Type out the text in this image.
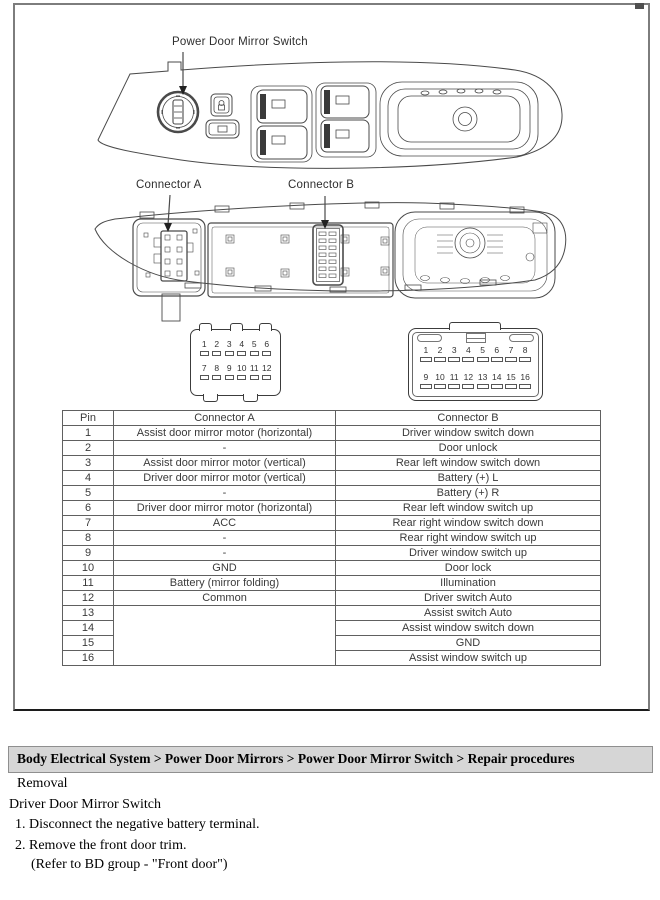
Power Door Mirror Switch
Connector A	Connector B
1 2 3 4 5 6
7 8 9 10 11 12
1 2 3 4 5 6 7 8
9 10 11 12 13 14 15 16
Pin	Connector A	Connector B
1	Assist door mirror motor (horizontal)	Driver window switch down
2	-	Door unlock
3	Assist door mirror motor (vertical)	Rear left window switch down
4	Driver door mirror motor (vertical)	Battery (+) L
5	-	Battery (+) R
6	Driver door mirror motor (horizontal)	Rear left window switch up
7	ACC	Rear right window switch down
8	-	Rear right window switch up
9	-	Driver window switch up
10	GND	Door lock
11	Battery (mirror folding)	Illumination
12	Common	Driver switch Auto
13		Assist switch Auto
14		Assist window switch down
15		GND
16		Assist window switch up
Body Electrical System > Power Door Mirrors > Power Door Mirror Switch > Repair procedures
Removal
Driver Door Mirror Switch
1. Disconnect the negative battery terminal.
2. Remove the front door trim.
(Refer to BD group - "Front door")
